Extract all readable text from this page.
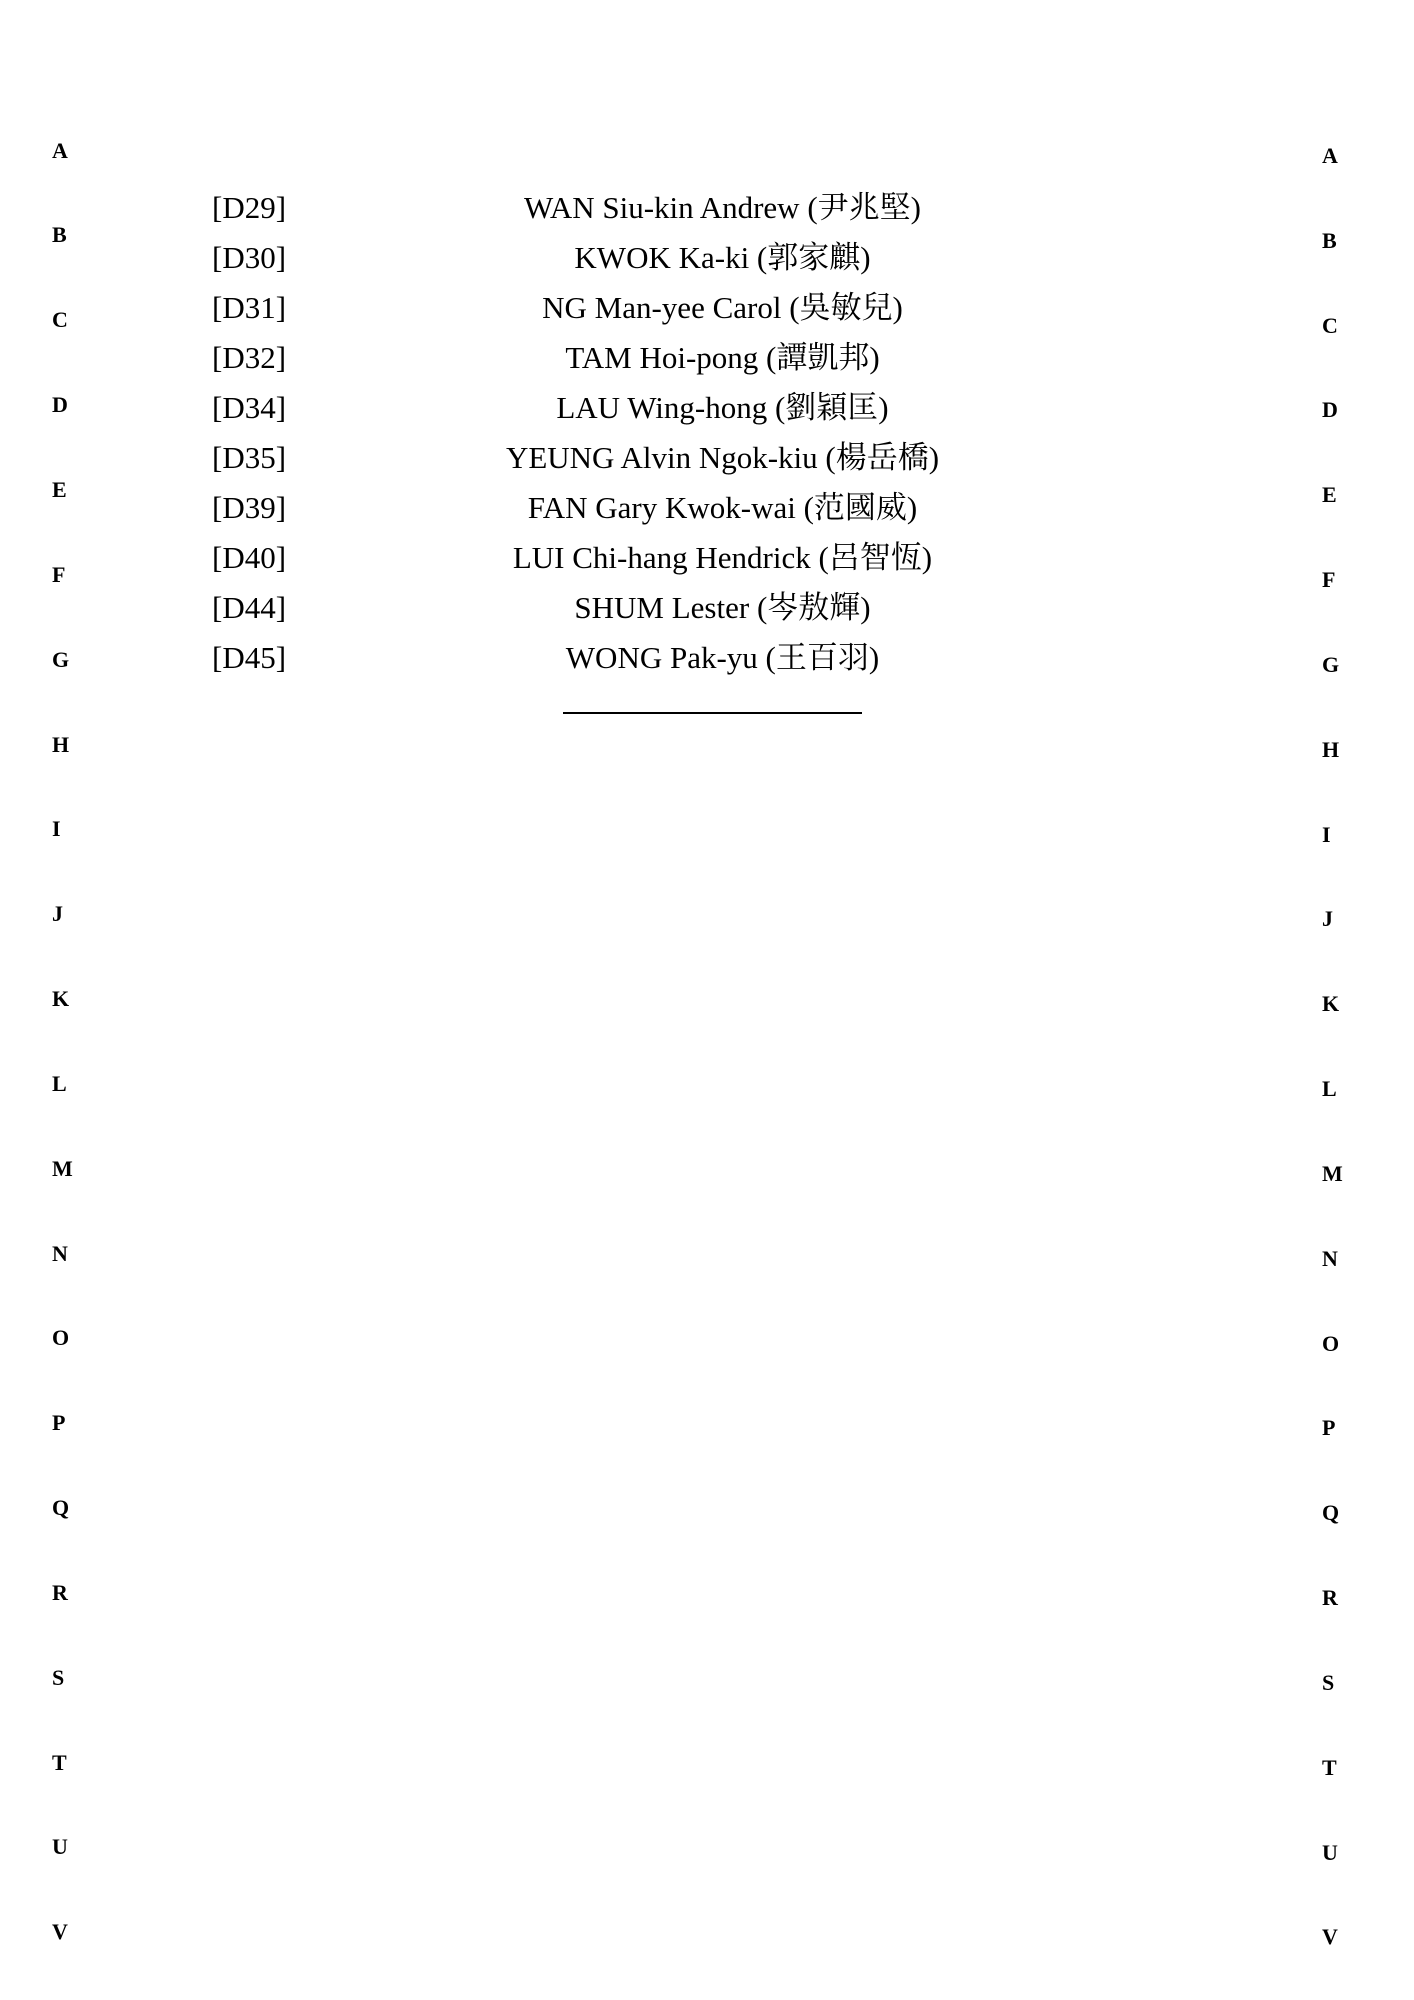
A
B
C
D
E
F
G
H
I
J
K
L
M
N
O
P
Q
R
S
T
U
V
A
B
C
D
E
F
G
H
I
J
K
L
M
N
O
P
Q
R
S
T
U
V
[D29]	WAN Siu-kin Andrew (尹兆堅)
[D30]	KWOK Ka-ki (郭家麒)
[D31]	NG Man-yee Carol (吳敏兒)
[D32]	TAM Hoi-pong (譚凱邦)
[D34]	LAU Wing-hong (劉穎匡)
[D35]	YEUNG Alvin Ngok-kiu (楊岳橋)
[D39]	FAN Gary Kwok-wai (范國威)
[D40]	LUI Chi-hang Hendrick (呂智恆)
[D44]	SHUM Lester (岑敖輝)
[D45]	WONG Pak-yu (王百羽)
